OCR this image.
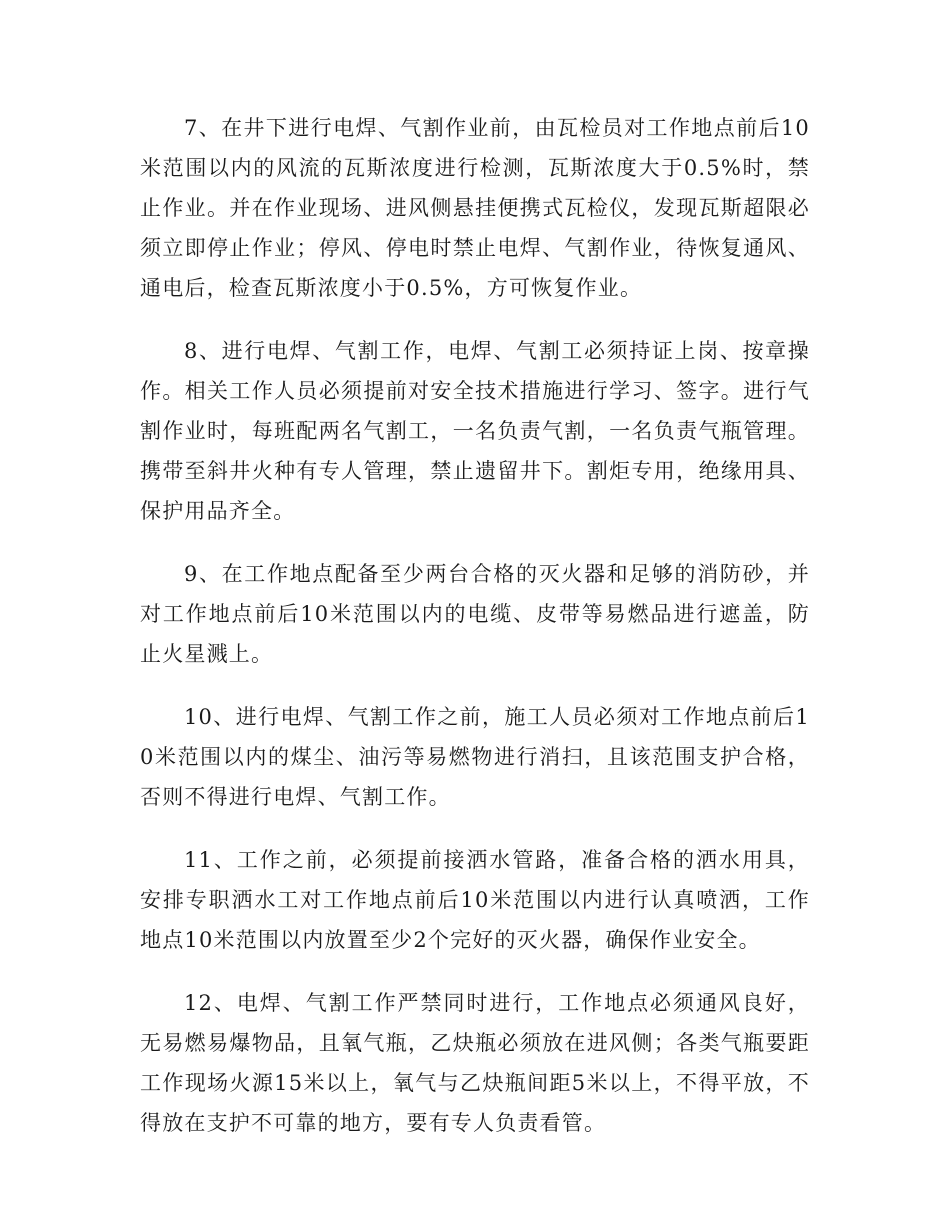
7、在井下进行电焊、气割作业前，由瓦检员对工作地点前后10米范围以内的风流的瓦斯浓度进行检测，瓦斯浓度大于0.5%时，禁止作业。并在作业现场、进风侧悬挂便携式瓦检仪，发现瓦斯超限必须立即停止作业；停风、停电时禁止电焊、气割作业，待恢复通风、通电后，检查瓦斯浓度小于0.5%，方可恢复作业。

8、进行电焊、气割工作，电焊、气割工必须持证上岗、按章操作。相关工作人员必须提前对安全技术措施进行学习、签字。进行气割作业时，每班配两名气割工，一名负责气割，一名负责气瓶管理。携带至斜井火种有专人管理，禁止遗留井下。割炬专用，绝缘用具、保护用品齐全。

9、在工作地点配备至少两台合格的灭火器和足够的消防砂，并对工作地点前后10米范围以内的电缆、皮带等易燃品进行遮盖，防止火星溅上。

10、进行电焊、气割工作之前，施工人员必须对工作地点前后10米范围以内的煤尘、油污等易燃物进行消扫，且该范围支护合格，否则不得进行电焊、气割工作。

11、工作之前，必须提前接洒水管路，准备合格的洒水用具，安排专职洒水工对工作地点前后10米范围以内进行认真喷洒，工作地点10米范围以内放置至少2个完好的灭火器，确保作业安全。

12、电焊、气割工作严禁同时进行，工作地点必须通风良好，无易燃易爆物品，且氧气瓶，乙炔瓶必须放在进风侧；各类气瓶要距工作现场火源15米以上，氧气与乙炔瓶间距5米以上，不得平放，不得放在支护不可靠的地方，要有专人负责看管。
